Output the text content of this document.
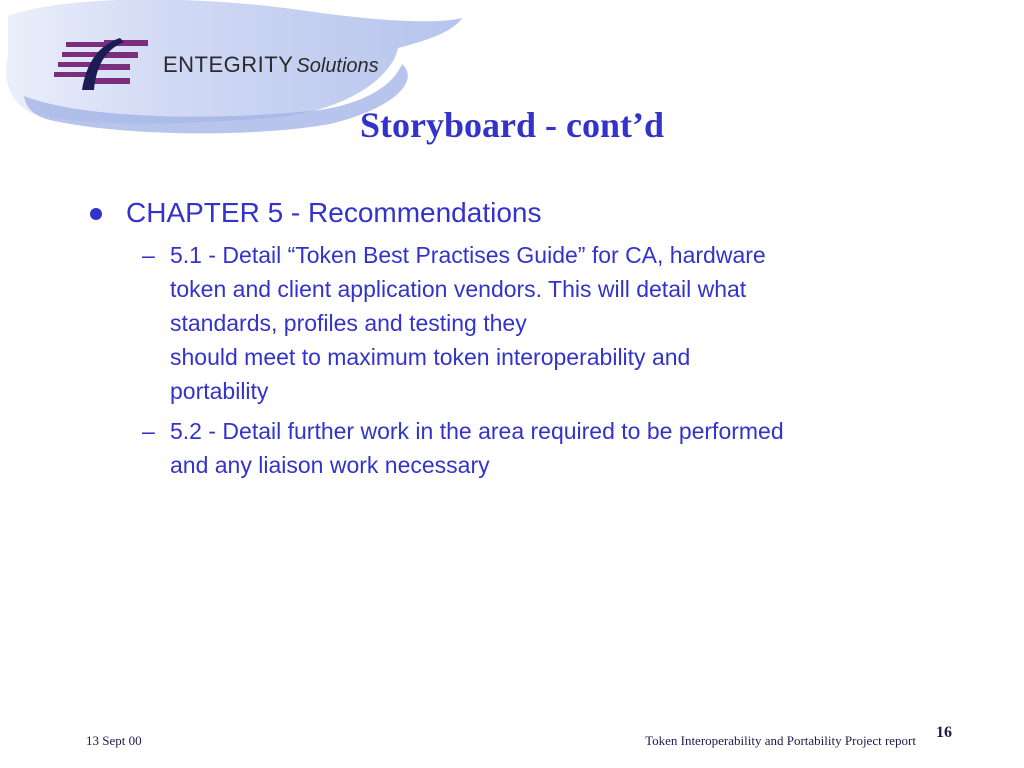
ENTEGRITY Solutions
Storyboard - cont’d
CHAPTER 5 - Recommendations
– 5.1 - Detail “Token Best Practises Guide” for CA, hardware
token and client application vendors. This will detail what
standards, profiles and testing they
should meet to maximum token interoperability and
portability
– 5.2 - Detail further work in the area required to be performed
and any liaison work necessary
13 Sept 00	Token Interoperability and Portability Project report 16
